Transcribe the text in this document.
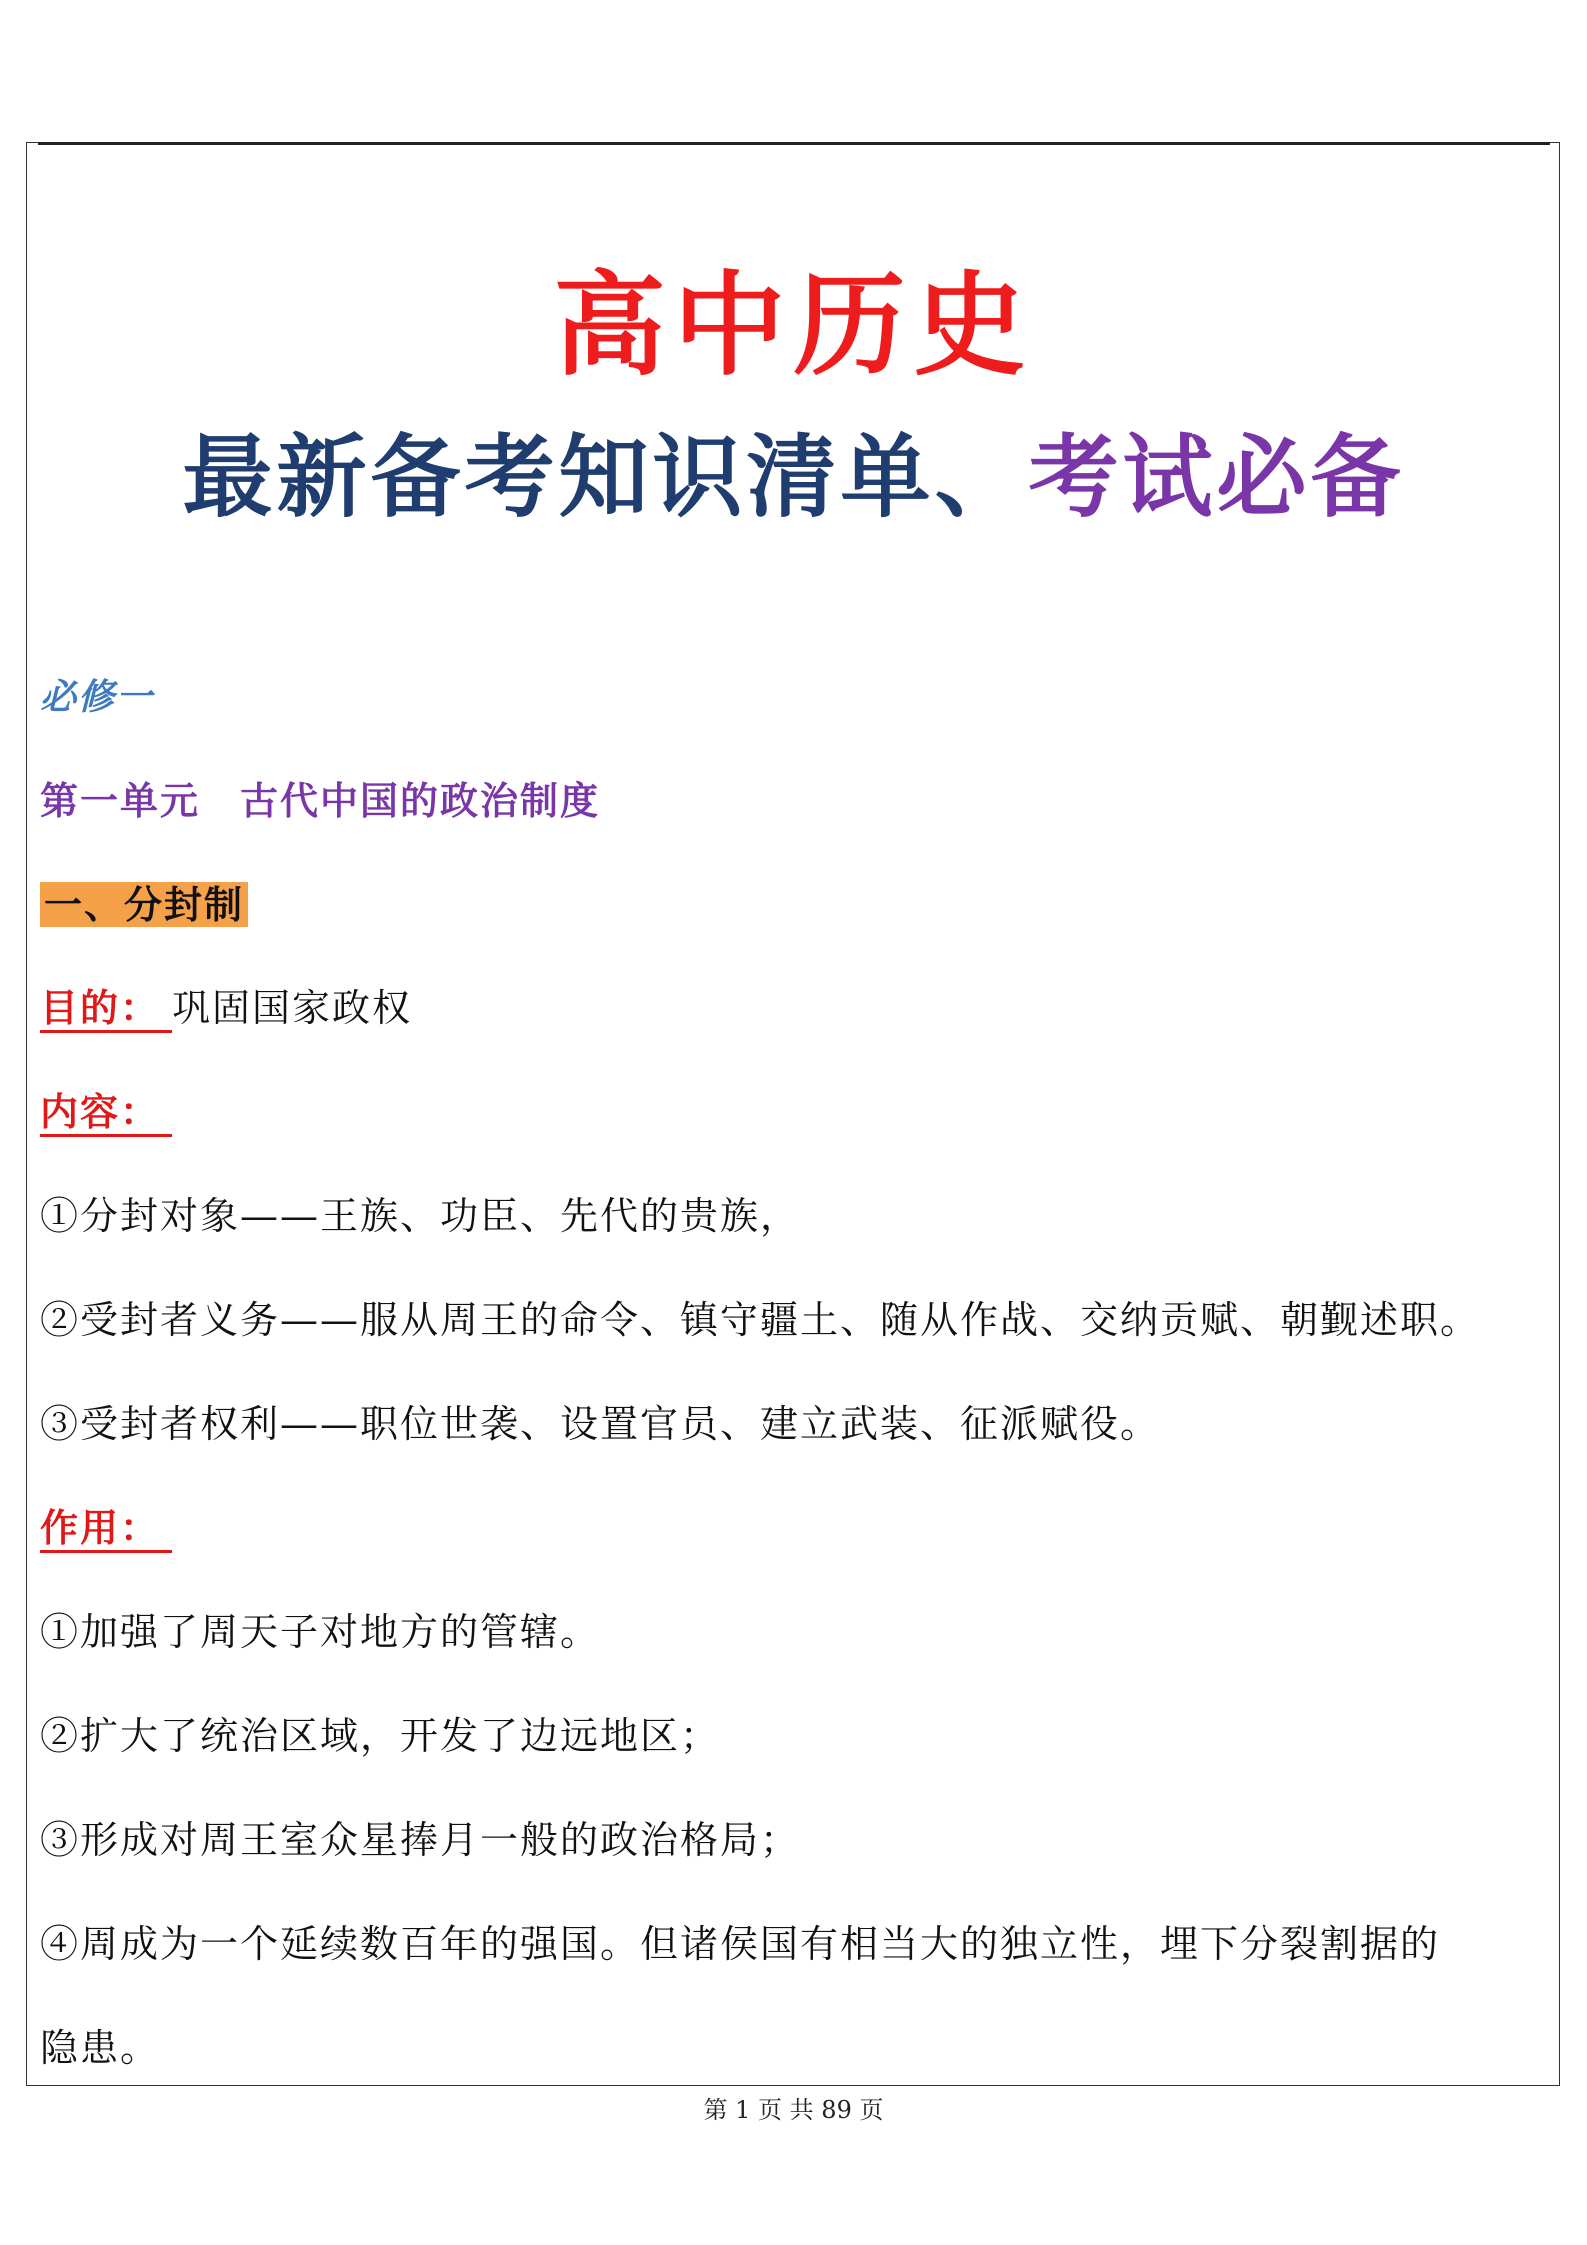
高中历史
最新备考知识清单、考试必备
必修一
第一单元　古代中国的政治制度
一、分封制
目的： 巩固国家政权
内容：
①分封对象——王族、功臣、先代的贵族，
②受封者义务——服从周王的命令、镇守疆土、随从作战、交纳贡赋、朝觐述职。
③受封者权利——职位世袭、设置官员、建立武装、征派赋役。
作用：
①加强了周天子对地方的管辖。
②扩大了统治区域，开发了边远地区；
③形成对周王室众星捧月一般的政治格局；
④周成为一个延续数百年的强国。但诸侯国有相当大的独立性，埋下分裂割据的
隐患。
第 1 页 共 89 页
